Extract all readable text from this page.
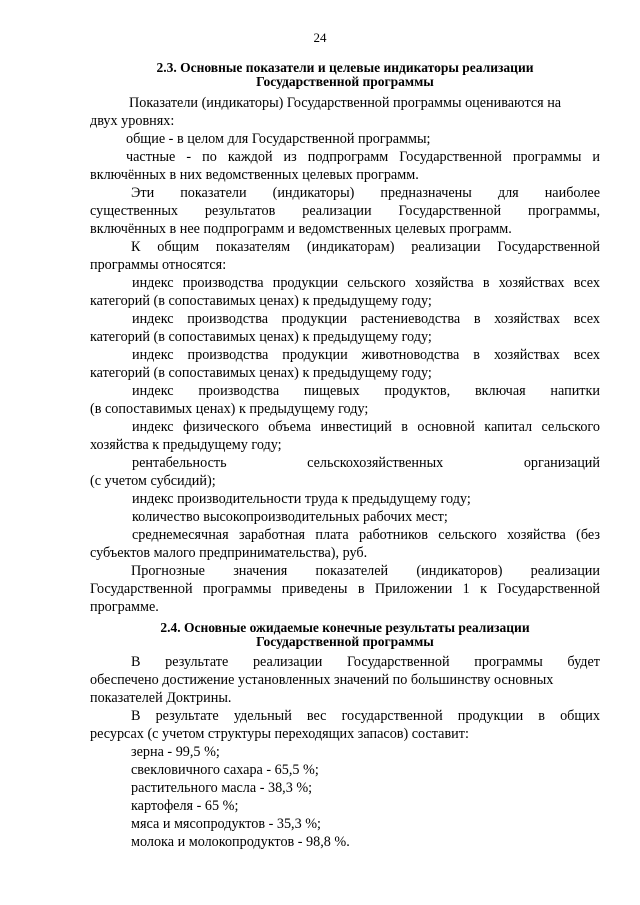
24
2.3. Основные показатели и целевые индикаторы реализации
Государственной программы
Показатели (индикаторы) Государственной программы оцениваются на
двух уровнях:
общие - в целом для Государственной программы;
частные - по каждой из подпрограмм Государственной программы и
включённых в них ведомственных целевых программ.
Эти показатели (индикаторы) предназначены для наиболее
существенных результатов реализации Государственной программы,
включённых в нее подпрограмм и ведомственных целевых программ.
К общим показателям (индикаторам) реализации Государственной
программы относятся:
индекс производства продукции сельского хозяйства в хозяйствах всех
категорий (в сопоставимых ценах) к предыдущему году;
индекс производства продукции растениеводства в хозяйствах всех
категорий (в сопоставимых ценах) к предыдущему году;
индекс производства продукции животноводства в хозяйствах всех
категорий (в сопоставимых ценах) к предыдущему году;
индекс производства пищевых продуктов, включая напитки
(в сопоставимых ценах) к предыдущему году;
индекс физического объема инвестиций в основной капитал сельского
хозяйства к предыдущему году;
рентабельность сельскохозяйственных организаций
(с учетом субсидий);
индекс производительности труда к предыдущему году;
количество высокопроизводительных рабочих мест;
среднемесячная заработная плата работников сельского хозяйства (без
субъектов малого предпринимательства), руб.
Прогнозные значения показателей (индикаторов) реализации
Государственной программы приведены в Приложении 1 к Государственной
программе.
2.4. Основные ожидаемые конечные результаты реализации
Государственной программы
В результате реализации Государственной программы будет
обеспечено достижение установленных значений по большинству основных
показателей Доктрины.
В результате удельный вес государственной продукции в общих
ресурсах (с учетом структуры переходящих запасов) составит:
зерна - 99,5 %;
свекловичного сахара - 65,5 %;
растительного масла - 38,3 %;
картофеля - 65 %;
мяса и мясопродуктов - 35,3 %;
молока и молокопродуктов - 98,8 %.
